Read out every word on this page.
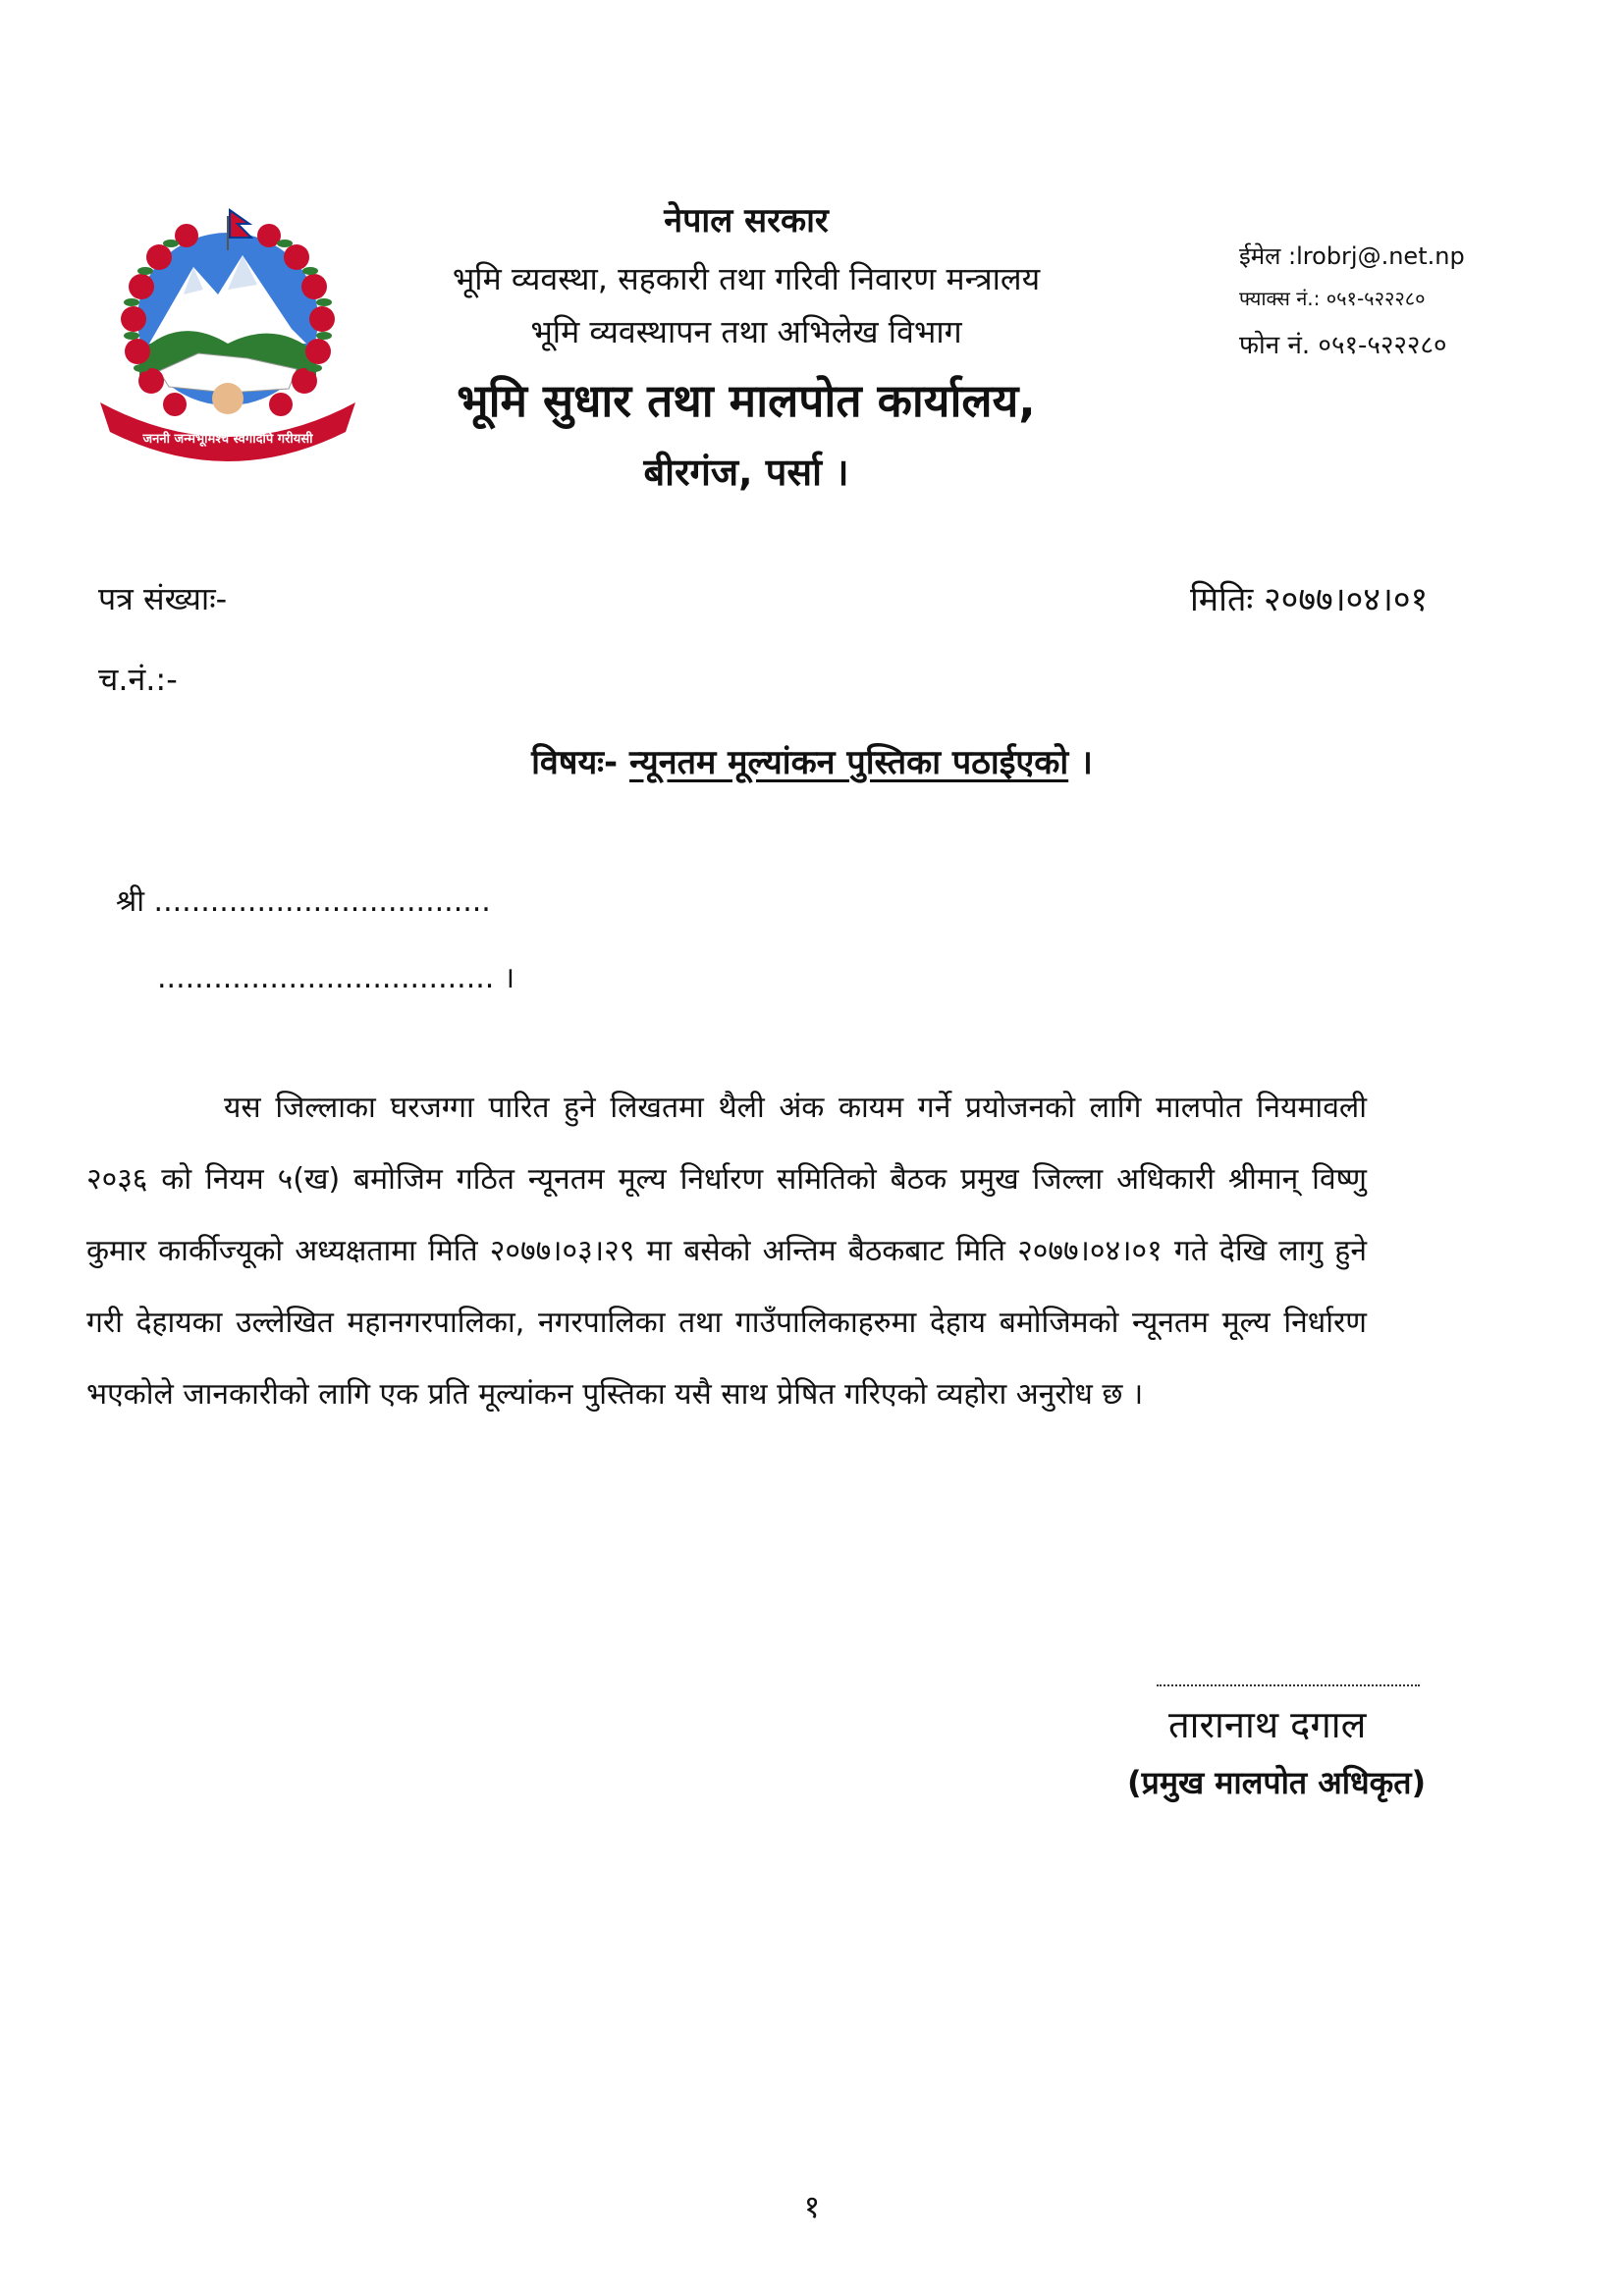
जननी जन्मभूमिश्च स्वर्गादपि गरीयसी
नेपाल सरकार
भूमि व्यवस्था, सहकारी तथा गरिवी निवारण मन्त्रालय
भूमि व्यवस्थापन तथा अभिलेख विभाग
भूमि सुधार तथा मालपोत कार्यालय,
बीरगंज, पर्सा ।
ईमेल :lrobrj@.net.np
फ्याक्स नं.: ०५१-५२२२८०
फोन नं. ०५१-५२२२८०
पत्र संख्याः-	मितिः २०७७।०४।०१
च.नं.:-
विषयः- न्यूनतम मूल्यांकन पुस्तिका पठाईएको ।
श्री ....................................
.................................... ।
यस जिल्लाका घरजग्गा पारित हुने लिखतमा थैली अंक कायम गर्ने प्रयोजनको लागि मालपोत नियमावली २०३६ को नियम ५(ख) बमोजिम गठित न्यूनतम मूल्य निर्धारण समितिको बैठक प्रमुख जिल्ला अधिकारी श्रीमान् विष्णु कुमार कार्कीज्यूको अध्यक्षतामा मिति २०७७।०३।२९ मा बसेको अन्तिम बैठकबाट मिति २०७७।०४।०१ गते देखि लागु हुने गरी देहायका उल्लेखित महानगरपालिका, नगरपालिका तथा गाउँपालिकाहरुमा देहाय बमोजिमको न्यूनतम मूल्य निर्धारण भएकोले जानकारीको लागि एक प्रति मूल्यांकन पुस्तिका यसै साथ प्रेषित गरिएको व्यहोरा अनुरोध छ ।
तारानाथ दगाल
(प्रमुख मालपोत अधिकृत)
१
